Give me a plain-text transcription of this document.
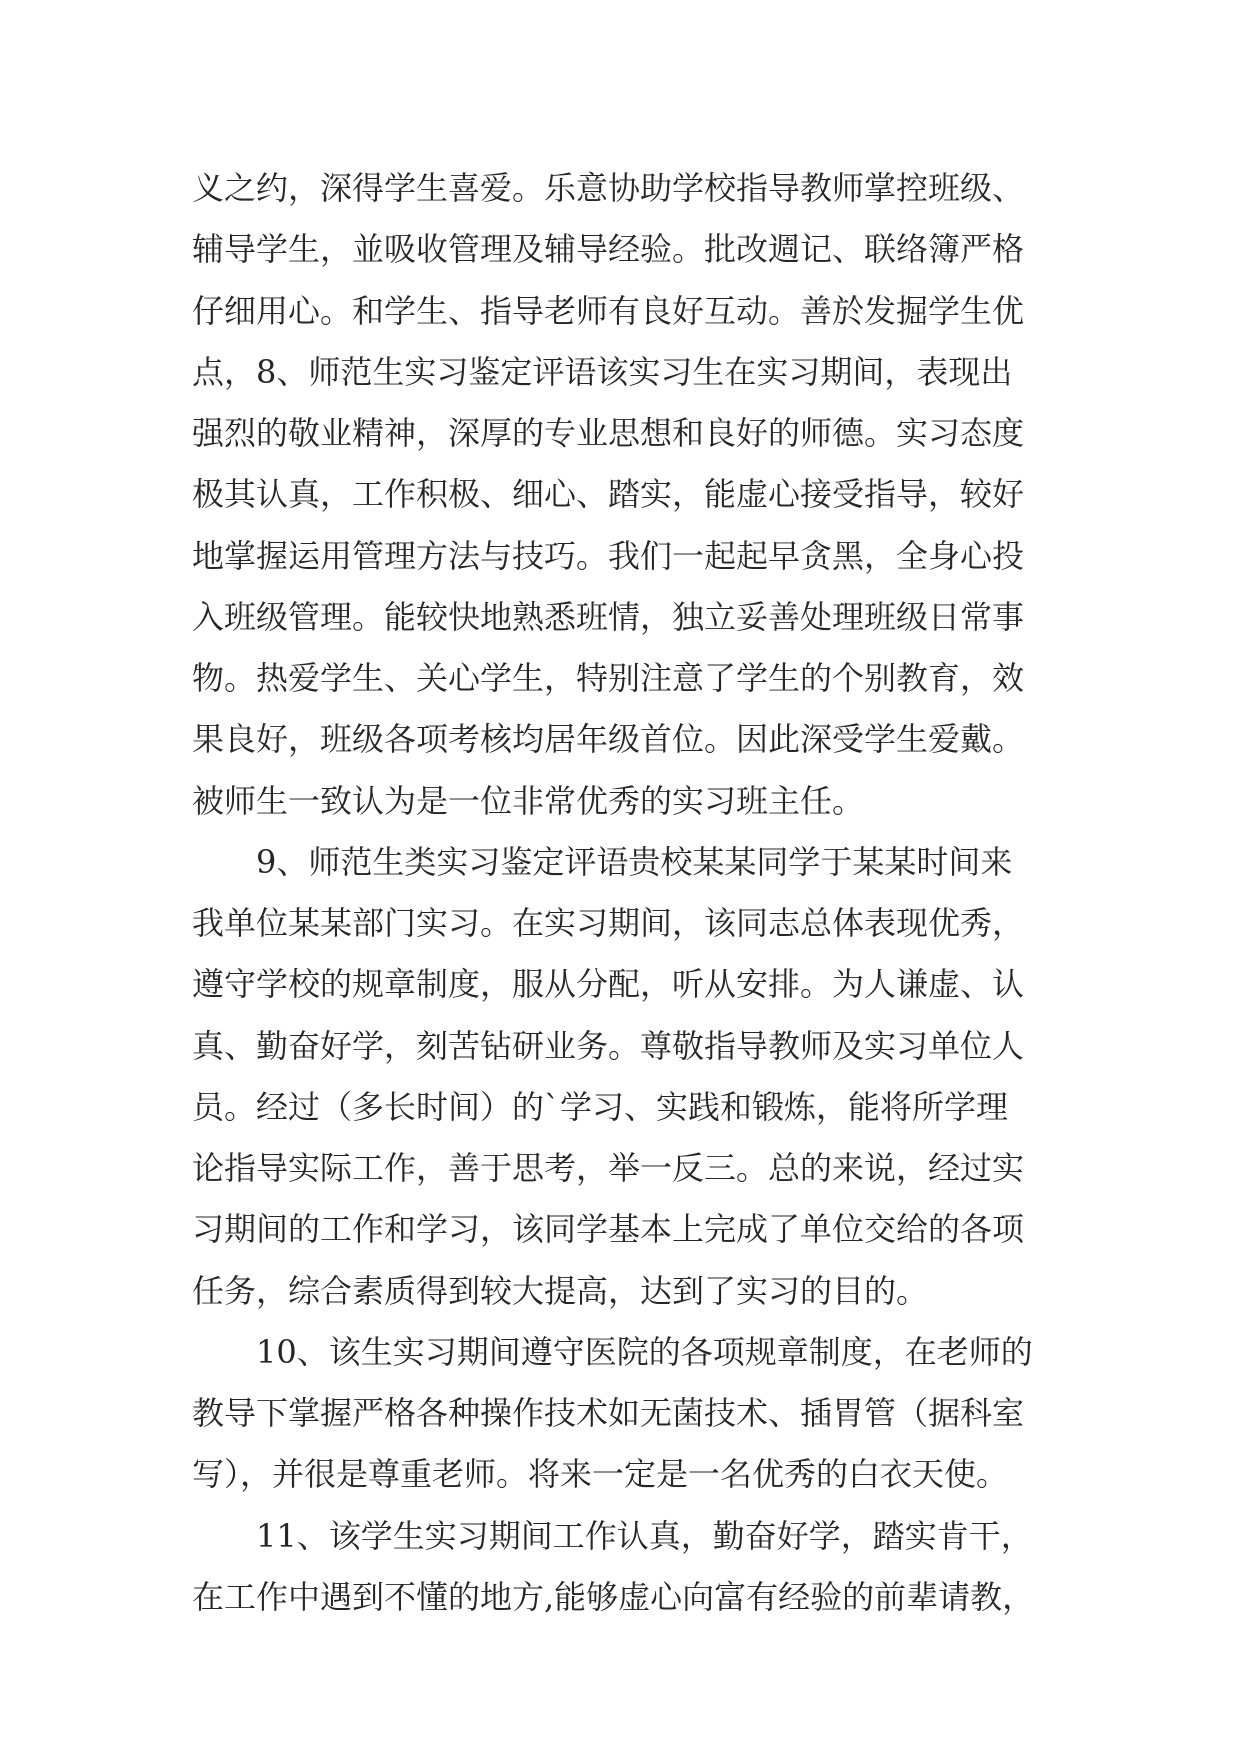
义之约，深得学生喜爱。乐意协助学校指导教师掌控班级、
辅导学生，並吸收管理及辅导经验。批改週记、联络簿严格
仔细用心。和学生、指导老师有良好互动。善於发掘学生优
点，8、师范生实习鉴定评语该实习生在实习期间，表现出
强烈的敬业精神，深厚的专业思想和良好的师德。实习态度
极其认真，工作积极、细心、踏实，能虚心接受指导，较好
地掌握运用管理方法与技巧。我们一起起早贪黑，全身心投
入班级管理。能较快地熟悉班情，独立妥善处理班级日常事
物。热爱学生、关心学生，特别注意了学生的个别教育，效
果良好，班级各项考核均居年级首位。因此深受学生爱戴。
被师生一致认为是一位非常优秀的实习班主任。
9、师范生类实习鉴定评语贵校某某同学于某某时间来
我单位某某部门实习。在实习期间，该同志总体表现优秀，
遵守学校的规章制度，服从分配，听从安排。为人谦虚、认
真、勤奋好学，刻苦钻研业务。尊敬指导教师及实习单位人
员。经过（多长时间）的`学习、实践和锻炼，能将所学理
论指导实际工作，善于思考，举一反三。总的来说，经过实
习期间的工作和学习，该同学基本上完成了单位交给的各项
任务，综合素质得到较大提高，达到了实习的目的。
10、该生实习期间遵守医院的各项规章制度，在老师的
教导下掌握严格各种操作技术如无菌技术、插胃管（据科室
写），并很是尊重老师。将来一定是一名优秀的白衣天使。
11、该学生实习期间工作认真，勤奋好学，踏实肯干，
在工作中遇到不懂的地方,能够虚心向富有经验的前辈请教，
